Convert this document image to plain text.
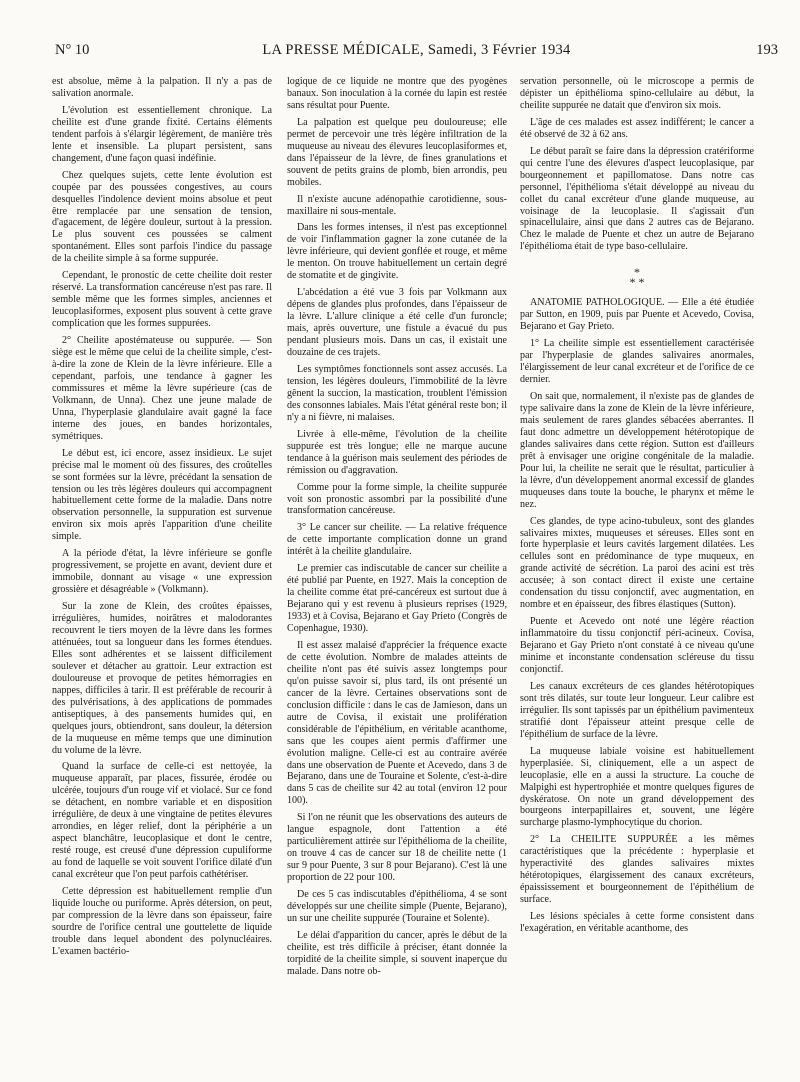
N° 10	LA PRESSE MÉDICALE, Samedi, 3 Février 1934	193

est absolue, même à la palpation. Il n'y a pas de salivation anormale.

L'évolution est essentiellement chronique. La cheilite est d'une grande fixité. Certains éléments tendent parfois à s'élargir légèrement, de manière très lente et insensible. La plupart persistent, sans changement, d'une façon quasi indéfinie.

Chez quelques sujets, cette lente évolution est coupée par des poussées congestives, au cours desquelles l'indolence devient moins absolue et peut être remplacée par une sensation de tension, d'agacement, de légère douleur, surtout à la pression. Le plus souvent ces poussées se calment spontanément. Elles sont parfois l'indice du passage de la cheilite simple à sa forme suppurée.

Cependant, le pronostic de cette cheilite doit rester réservé. La transformation cancéreuse n'est pas rare. Il semble même que les formes simples, anciennes et leucoplasiformes, exposent plus souvent à cette grave complication que les formes suppurées.

2° Cheilite apostémateuse ou suppurée. — Son siège est le même que celui de la cheilite simple, c'est-à-dire la zone de Klein de la lèvre inférieure. Elle a cependant, parfois, une tendance à gagner les commissures et même la lèvre supérieure (cas de Volkmann, de Unna). Chez une jeune malade de Unna, l'hyperplasie glandulaire avait gagné la face interne des joues, en bandes horizontales, symétriques.

Le début est, ici encore, assez insidieux. Le sujet précise mal le moment où des fissures, des croûtelles se sont formées sur la lèvre, précédant la sensation de tension ou les très légères douleurs qui accompagnent habituellement cette forme de la maladie. Dans notre observation personnelle, la suppuration est survenue environ six mois après l'apparition d'une cheilite simple.

A la période d'état, la lèvre inférieure se gonfle progressivement, se projette en avant, devient dure et immobile, donnant au visage « une expression grossière et désagréable » (Volkmann).

Sur la zone de Klein, des croûtes épaisses, irrégulières, humides, noirâtres et malodorantes recouvrent le tiers moyen de la lèvre dans les formes atténuées, tout sa longueur dans les formes étendues. Elles sont adhérentes et se laissent difficilement soulever et détacher au grattoir. Leur extraction est douloureuse et provoque de petites hémorragies en nappes, difficiles à tarir. Il est préférable de recourir à des pulvérisations, à des applications de pommades antiseptiques, à des pansements humides qui, en quelques jours, obtiendront, sans douleur, la détersion de la muqueuse en même temps que une diminution du volume de la lèvre.

Quand la surface de celle-ci est nettoyée, la muqueuse apparaît, par places, fissurée, érodée ou ulcérée, toujours d'un rouge vif et violacé. Sur ce fond se détachent, en nombre variable et en disposition irrégulière, de deux à une vingtaine de petites élevures arrondies, en léger relief, dont la périphérie a un aspect blanchâtre, leucoplasique et dont le centre, resté rouge, est creusé d'une dépression cupuliforme au fond de laquelle se voit souvent l'orifice dilaté d'un canal excréteur que l'on peut parfois cathétériser.

Cette dépression est habituellement remplie d'un liquide louche ou puriforme. Après détersion, on peut, par compression de la lèvre dans son épaisseur, faire sourdre de l'orifice central une gouttelette de liquide trouble dans lequel abondent des polynucléaires. L'examen bactério-

logique de ce liquide ne montre que des pyogènes banaux. Son inoculation à la cornée du lapin est restée sans résultat pour Puente.

La palpation est quelque peu douloureuse; elle permet de percevoir une très légère infiltration de la muqueuse au niveau des élevures leucoplasiformes et, dans l'épaisseur de la lèvre, de fines granulations et souvent de petits grains de plomb, bien arrondis, peu mobiles.

Il n'existe aucune adénopathie carotidienne, sous-maxillaire ni sous-mentale.

Dans les formes intenses, il n'est pas exceptionnel de voir l'inflammation gagner la zone cutanée de la lèvre inférieure, qui devient gonflée et rouge, et même le menton. On trouve habituellement un certain degré de stomatite et de gingivite.

L'abcédation a été vue 3 fois par Volkmann aux dépens de glandes plus profondes, dans l'épaisseur de la lèvre. L'allure clinique a été celle d'un furoncle; mais, après ouverture, une fistule a évacué du pus pendant plusieurs mois. Dans un cas, il existait une douzaine de ces trajets.

Les symptômes fonctionnels sont assez accusés. La tension, les légères douleurs, l'immobilité de la lèvre gênent la succion, la mastication, troublent l'émission des consonnes labiales. Mais l'état général reste bon; il n'y a ni fièvre, ni malaises.

Livrée à elle-même, l'évolution de la cheilite suppurée est très longue; elle ne marque aucune tendance à la guérison mais seulement des périodes de rémission ou d'aggravation.

Comme pour la forme simple, la cheilite suppurée voit son pronostic assombri par la possibilité d'une transformation cancéreuse.

3° Le cancer sur cheilite. — La relative fréquence de cette importante complication donne un grand intérêt à la cheilite glandulaire.

Le premier cas indiscutable de cancer sur cheilite a été publié par Puente, en 1927. Mais la conception de la cheilite comme état pré-cancéreux est surtout due à Bejarano qui y est revenu à plusieurs reprises (1929, 1933) et à Covisa, Bejarano et Gay Prieto (Congrès de Copenhague, 1930).

Il est assez malaisé d'apprécier la fréquence exacte de cette évolution. Nombre de malades atteints de cheilite n'ont pas été suivis assez longtemps pour qu'on puisse savoir si, plus tard, ils ont présenté un cancer de la lèvre. Certaines observations sont de conclusion difficile : dans le cas de Jamieson, dans un autre de Covisa, il existait une prolifération considérable de l'épithélium, en véritable acanthome, sans que les coupes aient permis d'affirmer une évolution maligne. Celle-ci est au contraire avérée dans une observation de Puente et Acevedo, dans 3 de Bejarano, dans une de Touraine et Solente, c'est-à-dire dans 5 cas de cheilite sur 42 au total (environ 12 pour 100).

Si l'on ne réunit que les observations des auteurs de langue espagnole, dont l'attention a été particulièrement attirée sur l'épithélioma de la cheilite, on trouve 4 cas de cancer sur 18 de cheilite nette (1 sur 9 pour Puente, 3 sur 8 pour Bejarano). C'est là une proportion de 22 pour 100.

De ces 5 cas indiscutables d'épithélioma, 4 se sont développés sur une cheilite simple (Puente, Bejarano), un sur une cheilite suppurée (Touraine et Solente).

Le délai d'apparition du cancer, après le début de la cheilite, est très difficile à préciser, étant donnée la torpidité de la cheilite simple, si souvent inaperçue du malade. Dans notre ob-

servation personnelle, où le microscope a permis de dépister un épithélioma spino-cellulaire au début, la cheilite suppurée ne datait que d'environ six mois.

L'âge de ces malades est assez indifférent; le cancer a été observé de 32 à 62 ans.

Le début paraît se faire dans la dépression cratériforme qui centre l'une des élevures d'aspect leucoplasique, par bourgeonnement et papillomatose. Dans notre cas personnel, l'épithélioma s'était développé au niveau du collet du canal excréteur d'une glande muqueuse, au voisinage de la leucoplasie. Il s'agissait d'un spinacellulaire, ainsi que dans 2 autres cas de Bejarano. Chez le malade de Puente et chez un autre de Bejarano l'épithélioma était de type baso-cellulaire.

*
* *

ANATOMIE PATHOLOGIQUE. — Elle a été étudiée par Sutton, en 1909, puis par Puente et Acevedo, Covisa, Bejarano et Gay Prieto.

1° La cheilite simple est essentiellement caractérisée par l'hyperplasie de glandes salivaires anormales, l'élargissement de leur canal excréteur et de l'orifice de ce dernier.

On sait que, normalement, il n'existe pas de glandes de type salivaire dans la zone de Klein de la lèvre inférieure, mais seulement de rares glandes sébacées aberrantes. Il faut donc admettre un développement hétérotopique de glandes salivaires dans cette région. Sutton est d'ailleurs prêt à envisager une origine congénitale de la maladie. Pour lui, la cheilite ne serait que le résultat, particulier à la lèvre, d'un développement anormal excessif de glandes muqueuses dans toute la bouche, le pharynx et même le nez.

Ces glandes, de type acino-tubuleux, sont des glandes salivaires mixtes, muqueuses et séreuses. Elles sont en forte hyperplasie et leurs cavités largement dilatées. Les cellules sont en prédominance de type muqueux, en grande activité de sécrétion. La paroi des acini est très accusée; à son contact direct il existe une certaine condensation du tissu conjonctif, avec augmentation, en nombre et en épaisseur, des fibres élastiques (Sutton).

Puente et Acevedo ont noté une légère réaction inflammatoire du tissu conjonctif péri-acineux. Covisa, Bejarano et Gay Prieto n'ont constaté à ce niveau qu'une minime et inconstante condensation scléreuse du tissu conjonctif.

Les canaux excréteurs de ces glandes hétérotopiques sont très dilatés, sur toute leur longueur. Leur calibre est irrégulier. Ils sont tapissés par un épithélium pavimenteux stratifié dont l'épaisseur atteint presque celle de l'épithélium de surface de la lèvre.

La muqueuse labiale voisine est habituellement hyperplasiée. Si, cliniquement, elle a un aspect de leucoplasie, elle en a aussi la structure. La couche de Malpighi est hypertrophiée et montre quelques figures de dyskératose. On note un grand développement des bourgeons interpapillaires et, souvent, une légère surcharge plasmo-lymphocytique du chorion.

2° La CHEILITE SUPPURÉE a les mêmes caractéristiques que la précédente : hyperplasie et hyperactivité des glandes salivaires mixtes hétérotopiques, élargissement des canaux excréteurs, épaississement et bourgeonnement de l'épithélium de surface.

Les lésions spéciales à cette forme consistent dans l'exagération, en véritable acanthome, des
